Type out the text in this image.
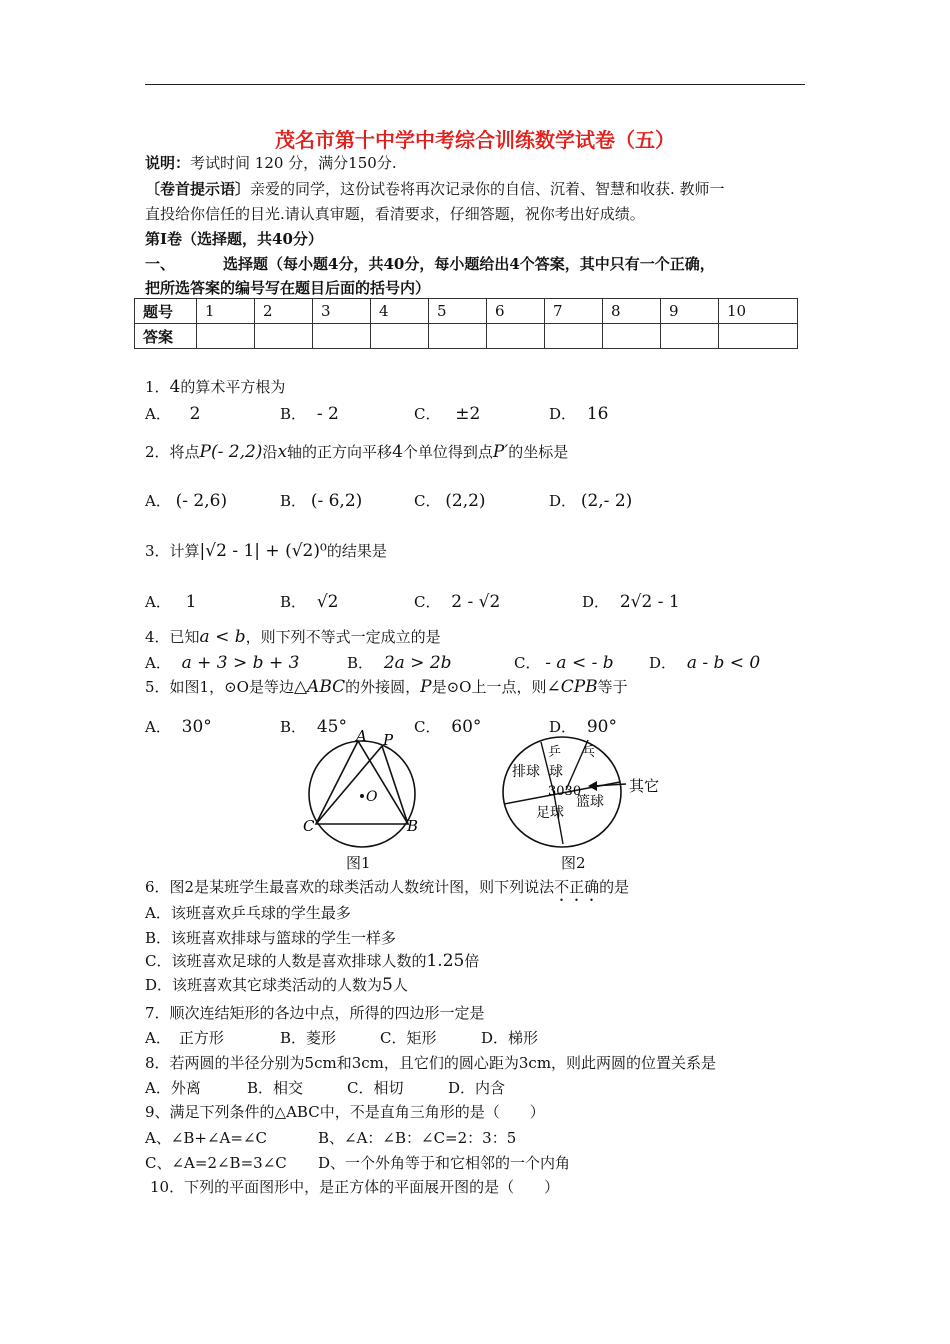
茂名市第十中学中考综合训练数学试卷（五）
说明：考试时间 120 分，满分150分.
〔卷首提示语〕亲爱的同学，这份试卷将再次记录你的自信、沉着、智慧和收获. 教师一
直投给你信任的目光.请认真审题，看清要求，仔细答题，祝你考出好成绩。
第Ⅰ卷（选择题，共40分）
一、	选择题（每小题4分，共40分，每小题给出4个答案，其中只有一个正确，
把所选答案的编号写在题目后面的括号内）
题号	1	2	3	4	5	6	7	8	9	10
答案										
1．4的算术平方根为
A． 2	B． - 2	C． ±2	D． 16
2．将点P(- 2,2)沿x轴的正方向平移4个单位得到点P′的坐标是
A． (- 2,6)	B． (- 6,2)	C． (2,2)	D． (2,- 2)
3．计算|√2 - 1| + (√2)⁰的结果是
A． 1	B． √2	C． 2 - √2	D． 2√2 - 1
4．已知a < b，则下列不等式一定成立的是
A． a + 3 > b + 3	B． 2a > 2b	C． - a < - b D． a - b < 0
5．如图1，⊙O是等边△ABC的外接圆，P是⊙O上一点，则∠CPB等于
A． 30°	B． 45°	C． 60°	D． 90°
A P
O
C	B
图1
乒 乓
排球 球
3030
篮球
足球
其它
图2
6．图2是某班学生最喜欢的球类活动人数统计图，则下列说法不正确的是
A．该班喜欢乒乓球的学生最多
B．该班喜欢排球与篮球的学生一样多
C．该班喜欢足球的人数是喜欢排球人数的1.25倍
D．该班喜欢其它球类活动的人数为5人
7．顺次连结矩形的各边中点，所得的四边形一定是
A． 正方形	B．菱形	C．矩形	D．梯形
8．若两圆的半径分别为5cm和3cm，且它们的圆心距为3cm，则此两圆的位置关系是
A．外离	B．相交	C．相切	D．内含
9、满足下列条件的△ABC中，不是直角三角形的是（　　）
A、∠B+∠A=∠C	B、∠A：∠B：∠C=2：3：5
C、∠A=2∠B=3∠C D、一个外角等于和它相邻的一个内角
10．下列的平面图形中，是正方体的平面展开图的是（　　）
